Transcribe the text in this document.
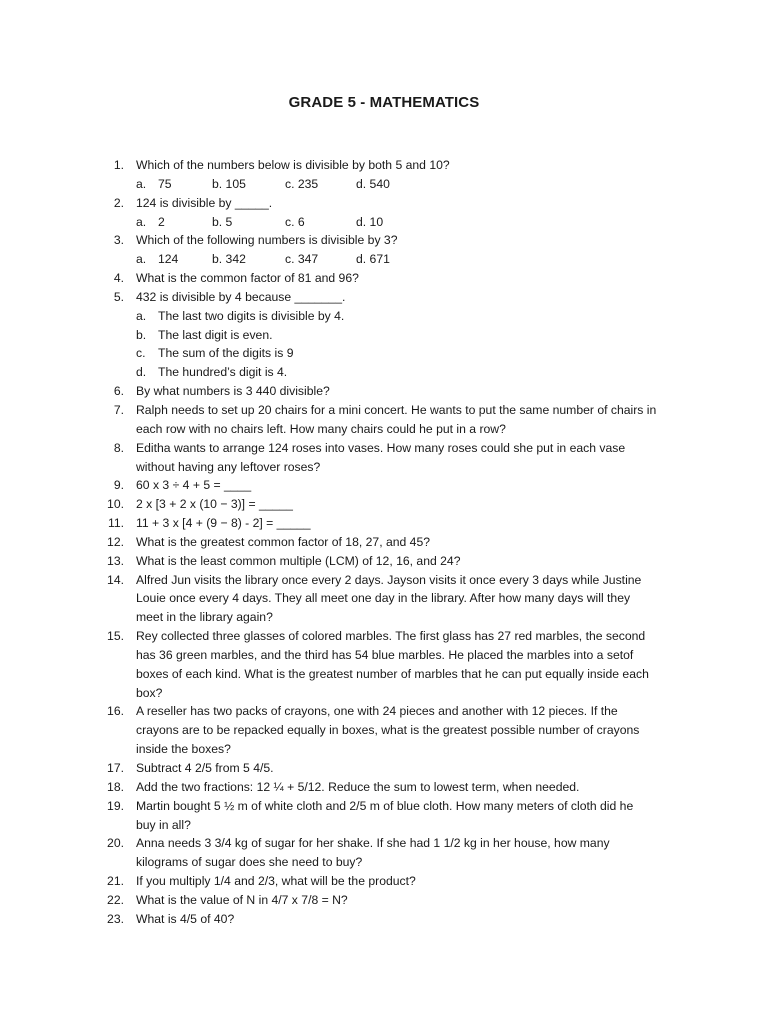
GRADE 5 - MATHEMATICS
1. Which of the numbers below is divisible by both 5 and 10?
a. 75	b. 105	c. 235	d. 540
2. 124 is divisible by _____.
a. 2	b. 5	c. 6	d. 10
3. Which of the following numbers is divisible by 3?
a. 124	b. 342	c. 347	d. 671
4. What is the common factor of 81 and 96?
5. 432 is divisible by 4 because _______.
a. The last two digits is divisible by 4.
b. The last digit is even.
c. The sum of the digits is 9
d. The hundred’s digit is 4.
6. By what numbers is 3 440 divisible?
7. Ralph needs to set up 20 chairs for a mini concert. He wants to put the same number of chairs in
each row with no chairs left. How many chairs could he put in a row?
8. Editha wants to arrange 124 roses into vases. How many roses could she put in each vase
without having any leftover roses?
9. 60 x 3 ÷ 4 + 5 = ____
10. 2 x [3 + 2 x (10 − 3)] = _____
11. 11 + 3 x [4 + (9 − 8) - 2] = _____
12. What is the greatest common factor of 18, 27, and 45?
13. What is the least common multiple (LCM) of 12, 16, and 24?
14. Alfred Jun visits the library once every 2 days. Jayson visits it once every 3 days while Justine
Louie once every 4 days. They all meet one day in the library. After how many days will they
meet in the library again?
15. Rey collected three glasses of colored marbles. The first glass has 27 red marbles, the second
has 36 green marbles, and the third has 54 blue marbles. He placed the marbles into a setof
boxes of each kind. What is the greatest number of marbles that he can put equally inside each
box?
16. A reseller has two packs of crayons, one with 24 pieces and another with 12 pieces. If the
crayons are to be repacked equally in boxes, what is the greatest possible number of crayons
inside the boxes?
17. Subtract 4 2/5 from 5 4/5.
18. Add the two fractions: 12 ¼ + 5/12. Reduce the sum to lowest term, when needed.
19. Martin bought 5 ½ m of white cloth and 2/5 m of blue cloth. How many meters of cloth did he
buy in all?
20. Anna needs 3 3/4 kg of sugar for her shake. If she had 1 1/2 kg in her house, how many
kilograms of sugar does she need to buy?
21. If you multiply 1/4 and 2/3, what will be the product?
22. What is the value of N in 4/7 x 7/8 = N?
23. What is 4/5 of 40?
